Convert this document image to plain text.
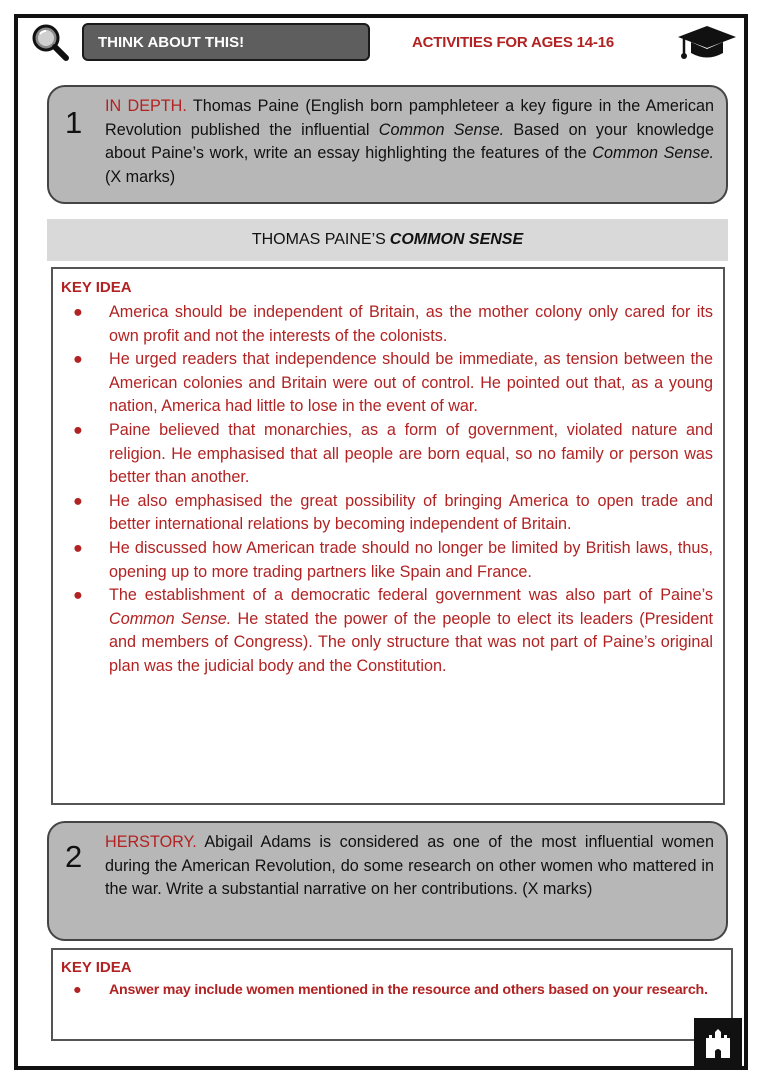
THINK ABOUT THIS!	ACTIVITIES FOR AGES 14-16
1 IN DEPTH. Thomas Paine (English born pamphleteer a key figure in the American Revolution published the influential Common Sense. Based on your knowledge about Paine’s work, write an essay highlighting the features of the Common Sense. (X marks)
THOMAS PAINE’S COMMON SENSE
KEY IDEA
● America should be independent of Britain, as the mother colony only cared for its own profit and not the interests of the colonists.
● He urged readers that independence should be immediate, as tension between the American colonies and Britain were out of control. He pointed out that, as a young nation, America had little to lose in the event of war.
● Paine believed that monarchies, as a form of government, violated nature and religion. He emphasised that all people are born equal, so no family or person was better than another.
● He also emphasised the great possibility of bringing America to open trade and better international relations by becoming independent of Britain.
● He discussed how American trade should no longer be limited by British laws, thus, opening up to more trading partners like Spain and France.
● The establishment of a democratic federal government was also part of Paine’s Common Sense. He stated the power of the people to elect its leaders (President and members of Congress). The only structure that was not part of Paine’s original plan was the judicial body and the Constitution.
2 HERSTORY. Abigail Adams is considered as one of the most influential women during the American Revolution, do some research on other women who mattered in the war. Write a substantial narrative on her contributions. (X marks)
KEY IDEA
● Answer may include women mentioned in the resource and others based on your research.
